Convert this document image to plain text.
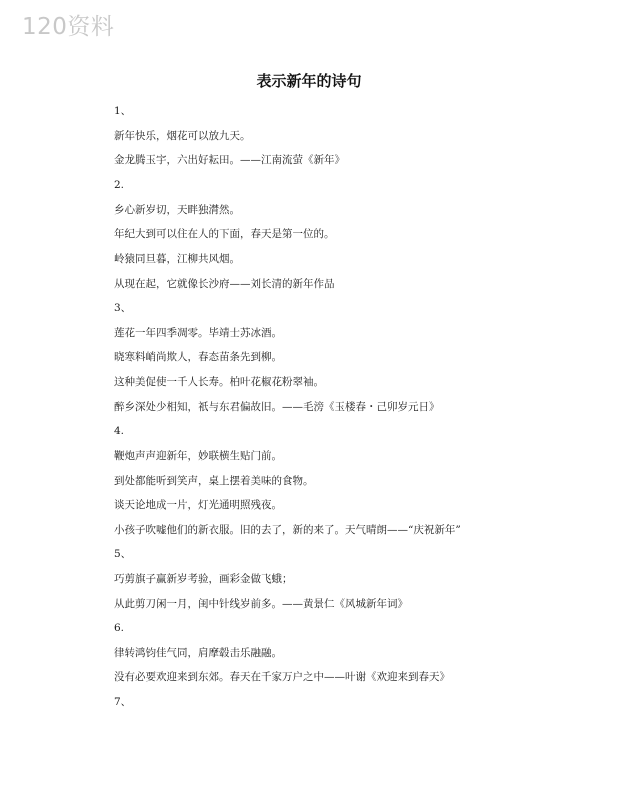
120资料
表示新年的诗句
1、
新年快乐，烟花可以放九天。
金龙腾玉宇，六出好耘田。——江南流萤《新年》
2.
乡心新岁切，天畔独潸然。
年纪大到可以住在人的下面，春天是第一位的。
岭猿同旦暮，江柳共风烟。
从现在起，它就像长沙府——刘长清的新年作品
3、
莲花一年四季凋零。毕靖士苏冰酒。
晓寒料峭尚欺人，春态苗条先到柳。
这种美促使一千人长寿。柏叶花椒花粉翠袖。
醉乡深处少相知，祇与东君偏故旧。——毛滂《玉楼春・己卯岁元日》
4.
鞭炮声声迎新年，妙联横生贴门前。
到处都能听到笑声，桌上摆着美味的食物。
谈天论地成一片，灯光通明照残夜。
小孩子吹嘘他们的新衣服。旧的去了，新的来了。天气晴朗——“庆祝新年”
5、
巧剪旗子赢新岁考验，画彩金做飞蛾；
从此剪刀闲一月，闺中针线岁前多。——黄景仁《风城新年词》
6.
律转鸿钧佳气同，肩摩毂击乐融融。
没有必要欢迎来到东郊。春天在千家万户之中——叶谢《欢迎来到春天》
7、
